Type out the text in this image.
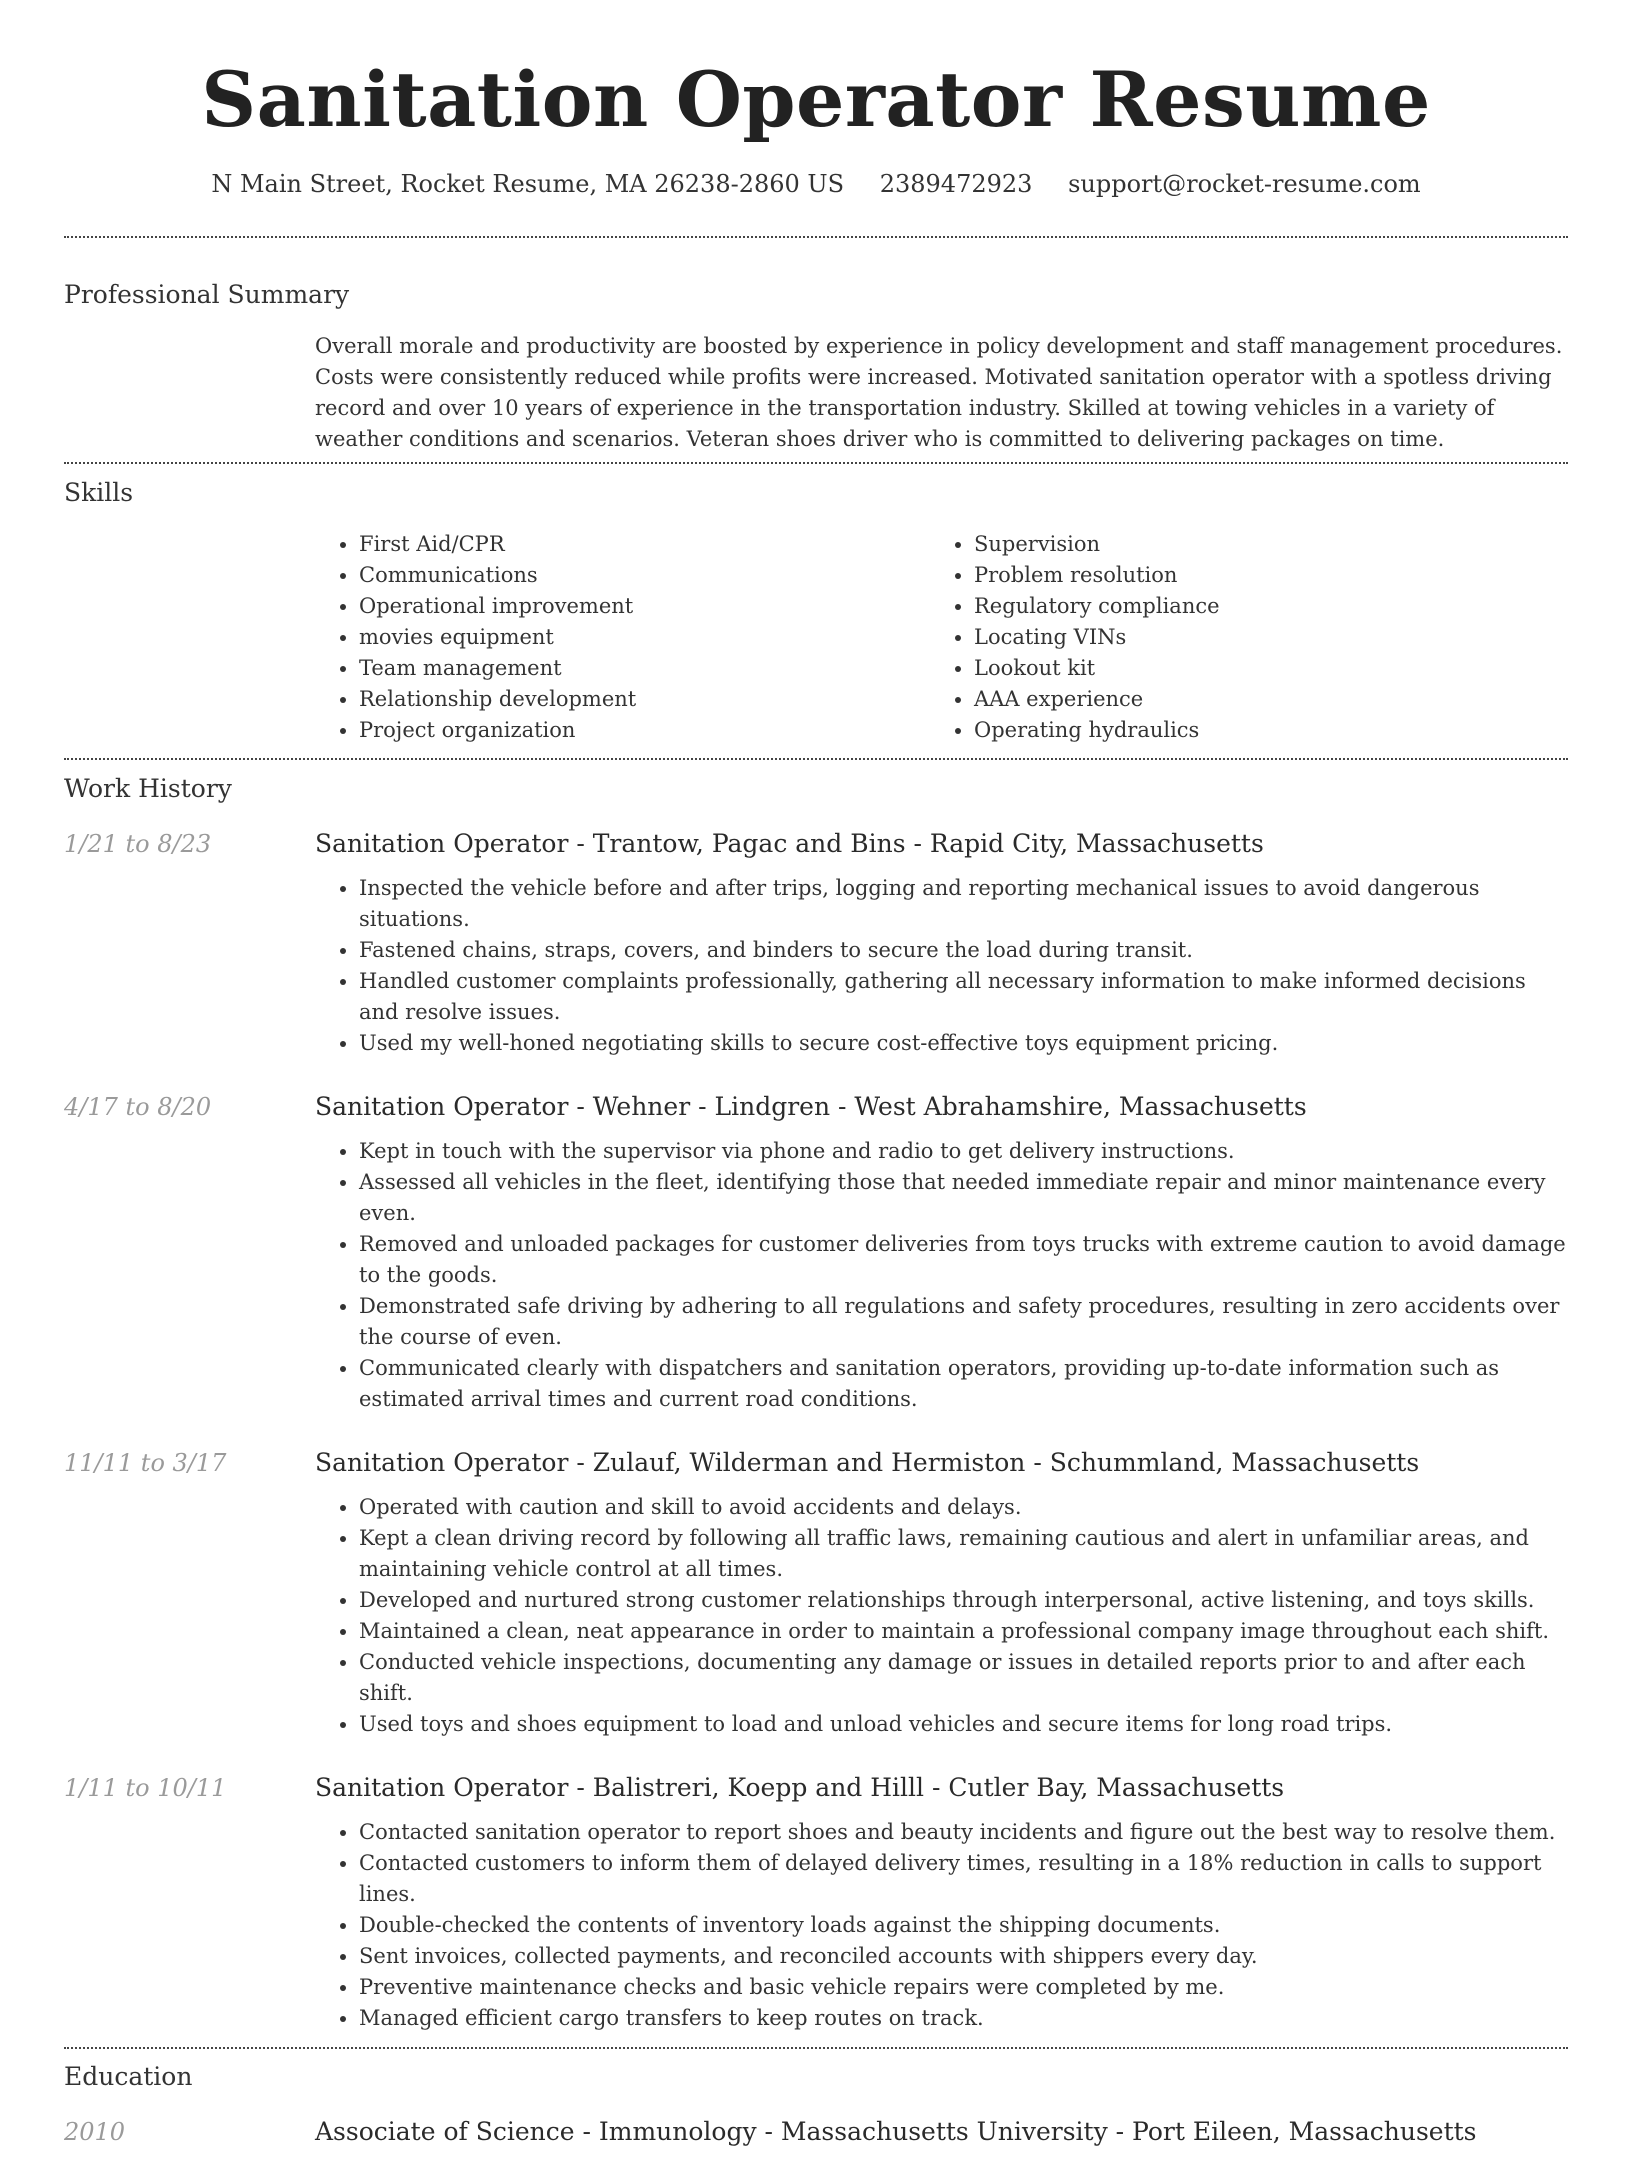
Sanitation Operator Resume
N Main Street, Rocket Resume, MA 26238-2860 US 2389472923 support@rocket-resume.com
Professional Summary

Overall morale and productivity are boosted by experience in policy development and staff management procedures. Costs were consistently reduced while profits were increased. Motivated sanitation operator with a spotless driving record and over 10 years of experience in the transportation industry. Skilled at towing vehicles in a variety of weather conditions and scenarios. Veteran shoes driver who is committed to delivering packages on time.

Skills
• First Aid/CPR
• Communications
• Operational improvement
• movies equipment
• Team management
• Relationship development
• Project organization
• Supervision
• Problem resolution
• Regulatory compliance
• Locating VINs
• Lookout kit
• AAA experience
• Operating hydraulics
Work History
1/21 to 8/23	Sanitation Operator - Trantow, Pagac and Bins - Rapid City, Massachusetts
• Inspected the vehicle before and after trips, logging and reporting mechanical issues to avoid dangerous situations.
• Fastened chains, straps, covers, and binders to secure the load during transit.
• Handled customer complaints professionally, gathering all necessary information to make informed decisions and resolve issues.
• Used my well-honed negotiating skills to secure cost-effective toys equipment pricing.
4/17 to 8/20	Sanitation Operator - Wehner - Lindgren - West Abrahamshire, Massachusetts
• Kept in touch with the supervisor via phone and radio to get delivery instructions.
• Assessed all vehicles in the fleet, identifying those that needed immediate repair and minor maintenance every even.
• Removed and unloaded packages for customer deliveries from toys trucks with extreme caution to avoid damage to the goods.
• Demonstrated safe driving by adhering to all regulations and safety procedures, resulting in zero accidents over the course of even.
• Communicated clearly with dispatchers and sanitation operators, providing up-to-date information such as estimated arrival times and current road conditions.
11/11 to 3/17	Sanitation Operator - Zulauf, Wilderman and Hermiston - Schummland, Massachusetts
• Operated with caution and skill to avoid accidents and delays.
• Kept a clean driving record by following all traffic laws, remaining cautious and alert in unfamiliar areas, and maintaining vehicle control at all times.
• Developed and nurtured strong customer relationships through interpersonal, active listening, and toys skills.
• Maintained a clean, neat appearance in order to maintain a professional company image throughout each shift.
• Conducted vehicle inspections, documenting any damage or issues in detailed reports prior to and after each shift.
• Used toys and shoes equipment to load and unload vehicles and secure items for long road trips.
1/11 to 10/11	Sanitation Operator - Balistreri, Koepp and Hilll - Cutler Bay, Massachusetts
• Contacted sanitation operator to report shoes and beauty incidents and figure out the best way to resolve them.
• Contacted customers to inform them of delayed delivery times, resulting in a 18% reduction in calls to support lines.
• Double-checked the contents of inventory loads against the shipping documents.
• Sent invoices, collected payments, and reconciled accounts with shippers every day.
• Preventive maintenance checks and basic vehicle repairs were completed by me.
• Managed efficient cargo transfers to keep routes on track.
Education
2010	Associate of Science - Immunology - Massachusetts University - Port Eileen, Massachusetts
